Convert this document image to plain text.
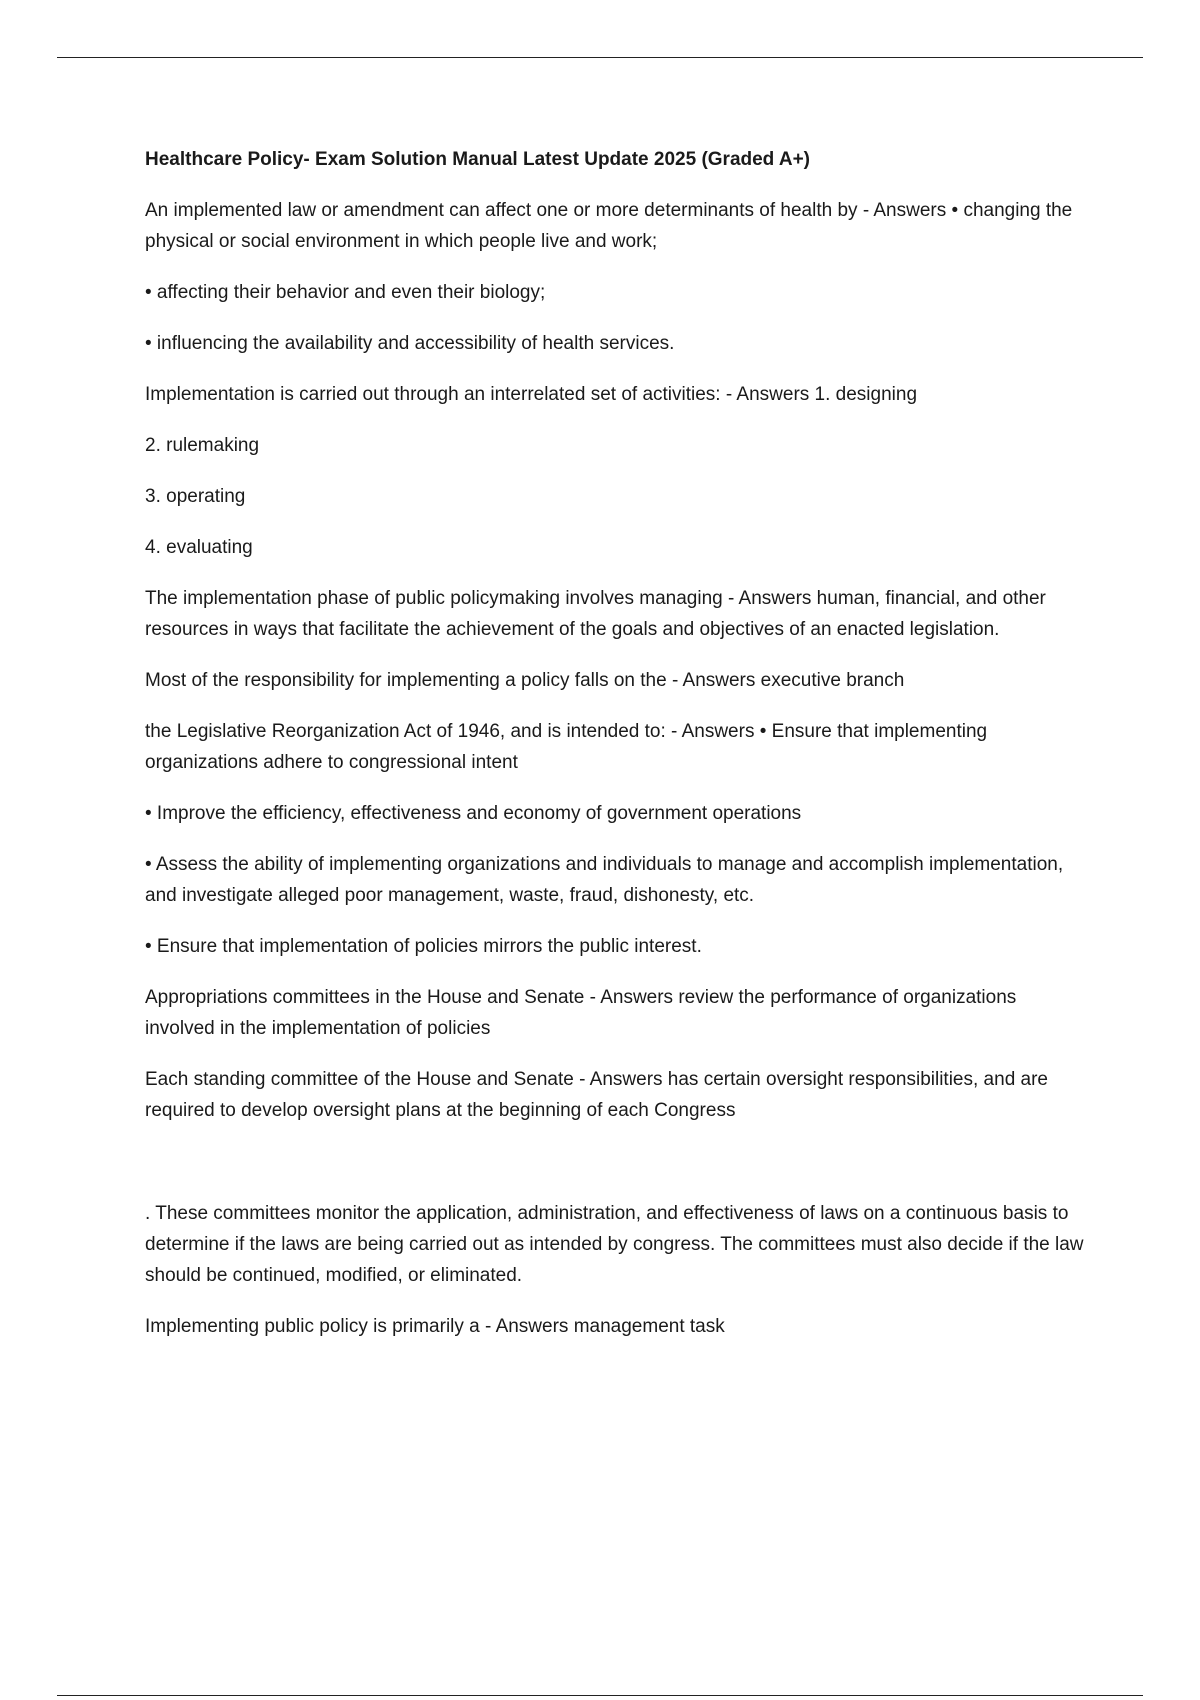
Healthcare Policy- Exam Solution Manual Latest Update 2025 (Graded A+)

An implemented law or amendment can affect one or more determinants of health by - Answers • changing the physical or social environment in which people live and work;

• affecting their behavior and even their biology;

• influencing the availability and accessibility of health services.

Implementation is carried out through an interrelated set of activities: - Answers 1. designing

2. rulemaking

3. operating

4. evaluating

The implementation phase of public policymaking involves managing - Answers human, financial, and other resources in ways that facilitate the achievement of the goals and objectives of an enacted legislation.

Most of the responsibility for implementing a policy falls on the - Answers executive branch

the Legislative Reorganization Act of 1946, and is intended to: - Answers • Ensure that implementing organizations adhere to congressional intent

• Improve the efficiency, effectiveness and economy of government operations

• Assess the ability of implementing organizations and individuals to manage and accomplish implementation, and investigate alleged poor management, waste, fraud, dishonesty, etc.

• Ensure that implementation of policies mirrors the public interest.

Appropriations committees in the House and Senate - Answers review the performance of organizations involved in the implementation of policies

Each standing committee of the House and Senate - Answers has certain oversight responsibilities, and are required to develop oversight plans at the beginning of each Congress

. These committees monitor the application, administration, and effectiveness of laws on a continuous basis to determine if the laws are being carried out as intended by congress. The committees must also decide if the law should be continued, modified, or eliminated.

Implementing public policy is primarily a - Answers management task
